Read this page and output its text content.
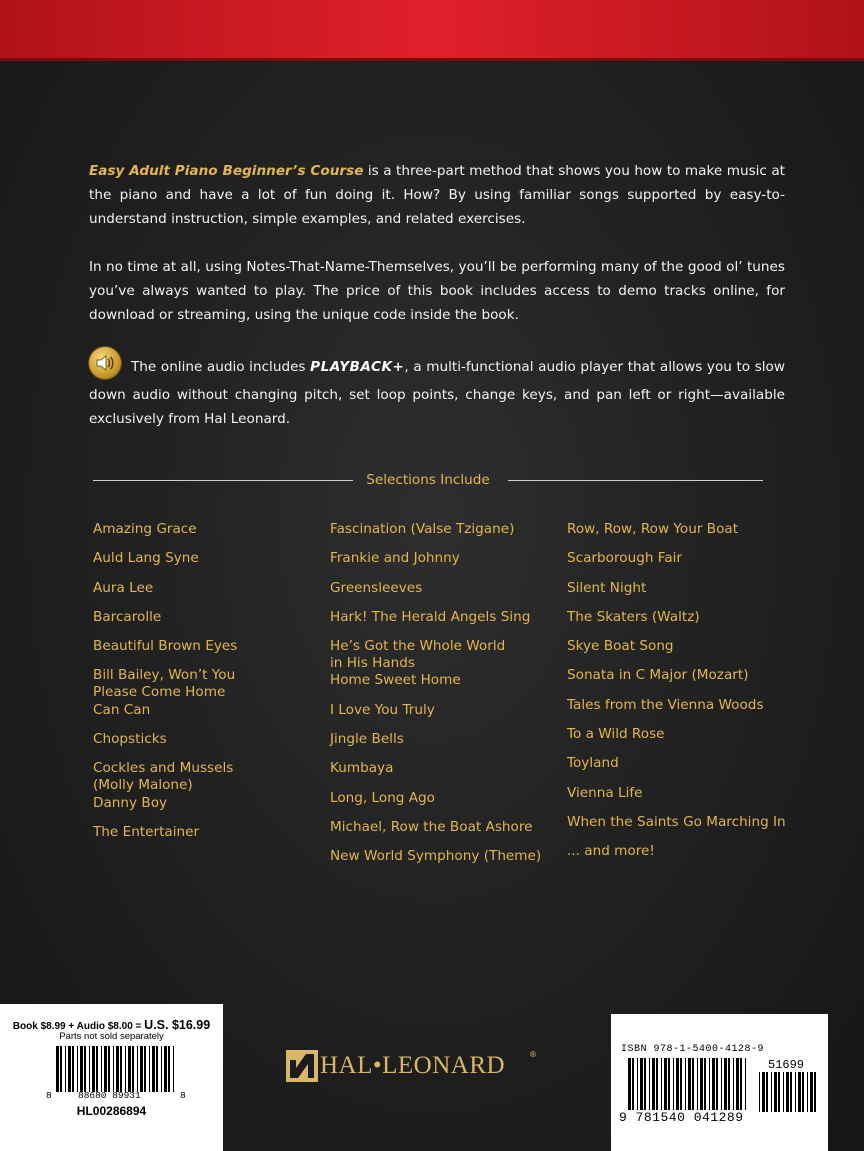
Easy Adult Piano Beginner’s Course is a three-part method that shows you how to make music at the piano and have a lot of fun doing it. How? By using familiar songs supported by easy-to-understand instruction, simple examples, and related exercises.

In no time at all, using Notes-That-Name-Themselves, you’ll be performing many of the good ol’ tunes you’ve always wanted to play. The price of this book includes access to demo tracks online, for download or streaming, using the unique code inside the book.

The online audio includes PLAYBACK+, a multi-functional audio player that allows you to slow down audio without changing pitch, set loop points, change keys, and pan left or right—available exclusively from Hal Leonard.

Selections Include
Amazing Grace
Auld Lang Syne
Aura Lee
Barcarolle
Beautiful Brown Eyes
Bill Bailey, Won’t You
Please Come Home
Can Can
Chopsticks
Cockles and Mussels
(Molly Malone)
Danny Boy
The Entertainer
Fascination (Valse Tzigane)
Frankie and Johnny
Greensleeves
Hark! The Herald Angels Sing
He’s Got the Whole World
in His Hands
Home Sweet Home
I Love You Truly
Jingle Bells
Kumbaya
Long, Long Ago
Michael, Row the Boat Ashore
New World Symphony (Theme)
Row, Row, Row Your Boat
Scarborough Fair
Silent Night
The Skaters (Waltz)
Skye Boat Song
Sonata in C Major (Mozart)
Tales from the Vienna Woods
To a Wild Rose
Toyland
Vienna Life
When the Saints Go Marching In
... and more!
Book $8.99 + Audio $8.00 = U.S. $16.99
Parts not sold separately
8	88680 89931	8
HL00286894
HAL•LEONARD	®	ISBN 978-1-5400-4128-9
51699
9 781540 041289
